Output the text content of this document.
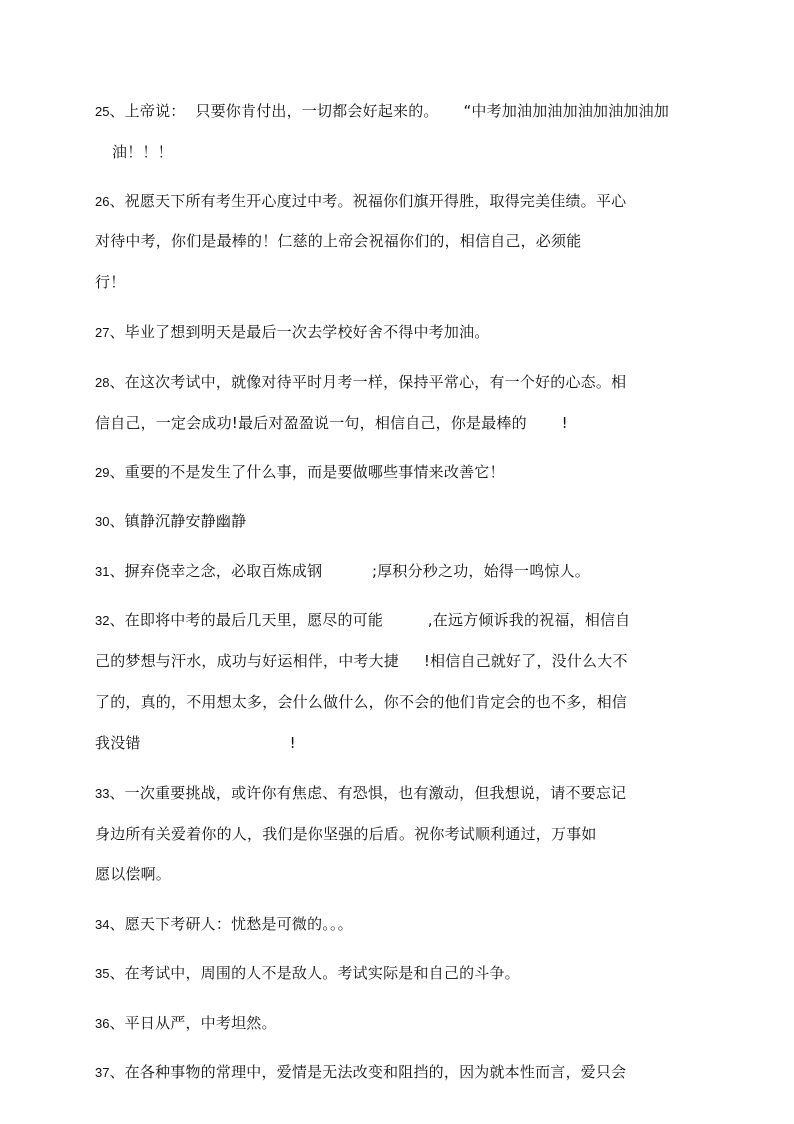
25、上帝说：  只要你肯付出，一切都会好起来的。     “中考加油加油加油加油加油加
油！！！
26、祝愿天下所有考生开心度过中考。祝福你们旗开得胜，取得完美佳绩。平心
对待中考，你们是最棒的！仁慈的上帝会祝福你们的，相信自己，必须能
行！
27、毕业了想到明天是最后一次去学校好舍不得中考加油。
28、在这次考试中，就像对待平时月考一样，保持平常心，有一个好的心态。相
信自己，一定会成功!最后对盈盈说一句，相信自己，你是最棒的       !
29、重要的不是发生了什么事，而是要做哪些事情来改善它！
30、镇静沉静安静幽静
31、摒弃侥幸之念，必取百炼成钢          ;厚积分秒之功，始得一鸣惊人。
32、在即将中考的最后几天里，愿尽的可能         ,在远方倾诉我的祝福，相信自
己的梦想与汗水，成功与好运相伴，中考大捷     !相信自己就好了，没什么大不
了的，真的，不用想太多，会什么做什么，你不会的他们肯定会的也不多，相信
我没错                              !
33、一次重要挑战，或许你有焦虑、有恐惧，也有激动，但我想说，请不要忘记
身边所有关爱着你的人，我们是你坚强的后盾。祝你考试顺利通过，万事如
愿以偿啊。
34、愿天下考研人：忧愁是可微的。。。
35、在考试中，周围的人不是敌人。考试实际是和自己的斗争。
36、平日从严，中考坦然。
37、在各种事物的常理中，爱情是无法改变和阻挡的，因为就本性而言，爱只会
